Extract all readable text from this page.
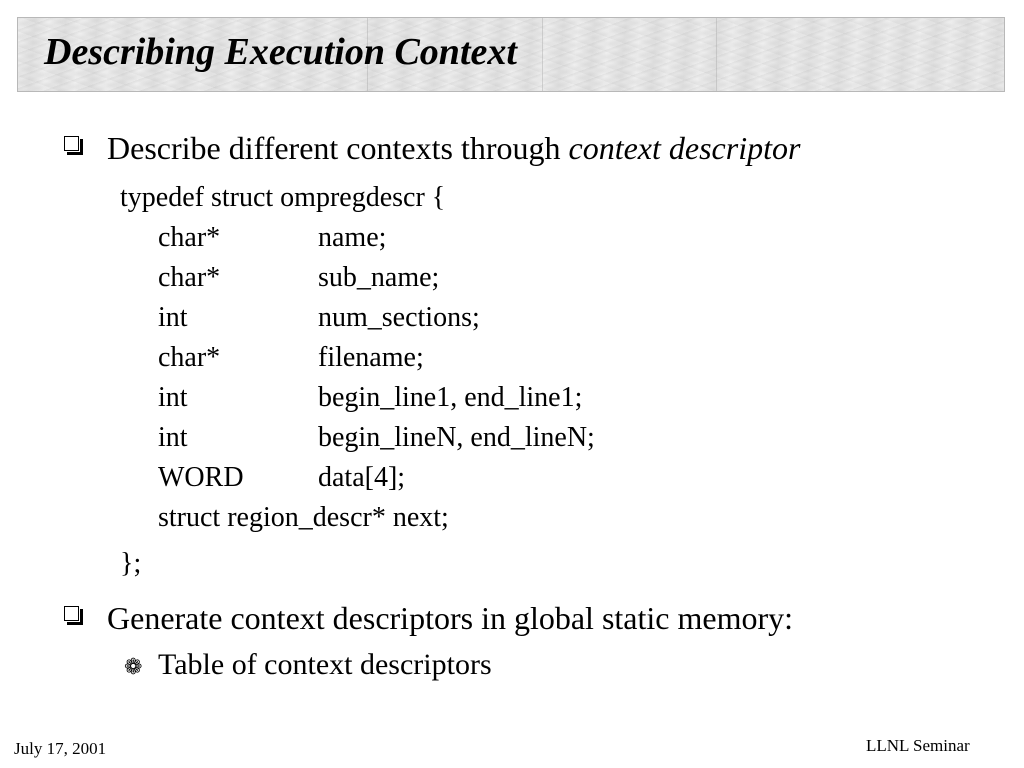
Describing Execution Context
Describe different contexts through context descriptor
typedef struct ompregdescr {
char*	name;
char*	sub_name;
int	num_sections;
char*	filename;
int	begin_line1, end_line1;
int	begin_lineN, end_lineN;
WORD	data[4];
struct region_descr* next;
};
Generate context descriptors in global static memory:
❁ Table of context descriptors
July 17, 2001	LLNL Seminar
